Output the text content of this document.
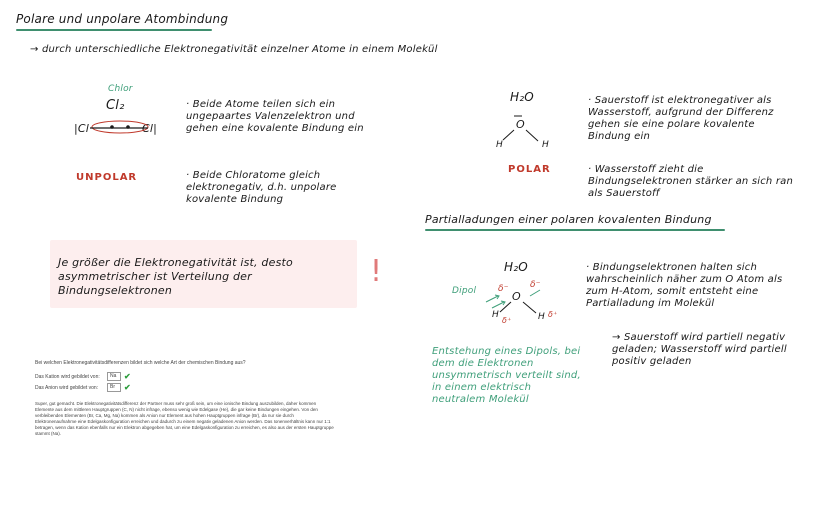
Polare und unpolare Atombindung
→ durch unterschiedliche Elektronegativität einzelner Atome in einem Molekül
Chlor
Cl₂
|Cl	Cl|
UNPOLAR
· Beide Atome teilen sich ein ungepaartes Valenzelektron und gehen eine kovalente Bindung ein
· Beide Chloratome gleich elektronegativ, d.h. unpolare kovalente Bindung
H₂O
O
H	H
POLAR
· Sauerstoff ist elektronegativer als Wasserstoff, aufgrund der Differenz gehen sie eine polare kovalente Bindung ein
· Wasserstoff zieht die Bindungselektronen stärker an sich ran als Sauerstoff
Je größer die Elektronegativität ist, desto asymmetrischer ist Verteilung der Bindungselektronen
!
Partialladungen einer polaren kovalenten Bindung
H₂O
Dipol	O
δ⁻ δ⁻
H
δ⁺	H δ⁺
Entstehung eines Dipols, bei dem die Elektronen unsymmetrisch verteilt sind, in einem elektrisch neutralem Molekül
· Bindungselektronen halten sich wahrscheinlich näher zum O Atom als zum H-Atom, somit entsteht eine Partialladung im Molekül
→ Sauerstoff wird partiell negativ geladen; Wasserstoff wird partiell positiv geladen
Bei welchen Elektronegativitätsdifferenzen bildet sich welche Art der chemischen Bindung aus?
Das Kation wird gebildet von:	Na ✔
Das Anion wird gebildet von:	Br	✔
Super, gut gemacht. Die Elektronegativitätsdifferenz der Partner muss sehr groß sein, um eine ionische Bindung auszubilden, daher kommen Elemente aus dem mittleren Hauptgruppen (C, N) nicht infrage, ebenso wenig wie Edelgase (He), die gar keine Bindungen eingehen. Von den verbleibenden Elementen (Br, Ca, Mg, Na) kommen als Anion nur Element aus hohen Hauptgruppen infrage (Br), da nur sie durch Elektronenaufnahme eine Edelgaskonfiguration erreichen und dadurch zu einem negativ geladenen Anion werden. Das Ionenverhältnis kann nur 1:1 betragen, wenn das Kation ebenfalls nur ein Elektron abgegeben hat, um eine Edelgaskonfiguration zu erreichen, es also aus der ersten Hauptgruppe stammt (Na).
